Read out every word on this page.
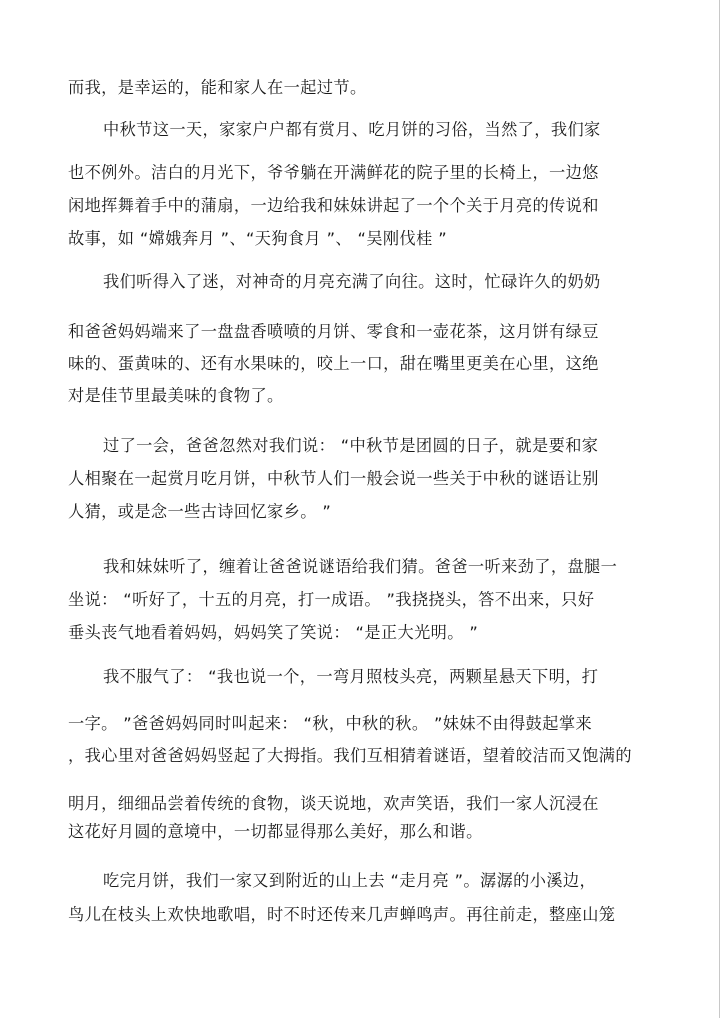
而我，是幸运的，能和家人在一起过节。
中秋节这一天，家家户户都有赏月、吃月饼的习俗，当然了，我们家
也不例外。洁白的月光下，爷爷躺在开满鲜花的院子里的长椅上，一边悠
闲地挥舞着手中的蒲扇，一边给我和妹妹讲起了一个个关于月亮的传说和
故事，如 “嫦娥奔月 ”、“天狗食月 ”、 “吴刚伐桂 ”
我们听得入了迷，对神奇的月亮充满了向往。这时，忙碌许久的奶奶
和爸爸妈妈端来了一盘盘香喷喷的月饼、零食和一壶花茶，这月饼有绿豆
味的、蛋黄味的、还有水果味的，咬上一口，甜在嘴里更美在心里，这绝
对是佳节里最美味的食物了。
过了一会，爸爸忽然对我们说： “中秋节是团圆的日子，就是要和家
人相聚在一起赏月吃月饼，中秋节人们一般会说一些关于中秋的谜语让别
人猜，或是念一些古诗回忆家乡。 ”
我和妹妹听了，缠着让爸爸说谜语给我们猜。爸爸一听来劲了，盘腿一
坐说： “听好了，十五的月亮，打一成语。 ”我挠挠头，答不出来，只好
垂头丧气地看着妈妈，妈妈笑了笑说： “是正大光明。 ”
我不服气了： “我也说一个，一弯月照枝头亮，两颗星悬天下明，打
一字。 ”爸爸妈妈同时叫起来： “秋，中秋的秋。 ”妹妹不由得鼓起掌来
，我心里对爸爸妈妈竖起了大拇指。我们互相猜着谜语，望着皎洁而又饱满的
明月，细细品尝着传统的食物，谈天说地，欢声笑语，我们一家人沉浸在
这花好月圆的意境中，一切都显得那么美好，那么和谐。
吃完月饼，我们一家又到附近的山上去 “走月亮 ”。潺潺的小溪边，
鸟儿在枝头上欢快地歌唱，时不时还传来几声蝉鸣声。再往前走，整座山笼
